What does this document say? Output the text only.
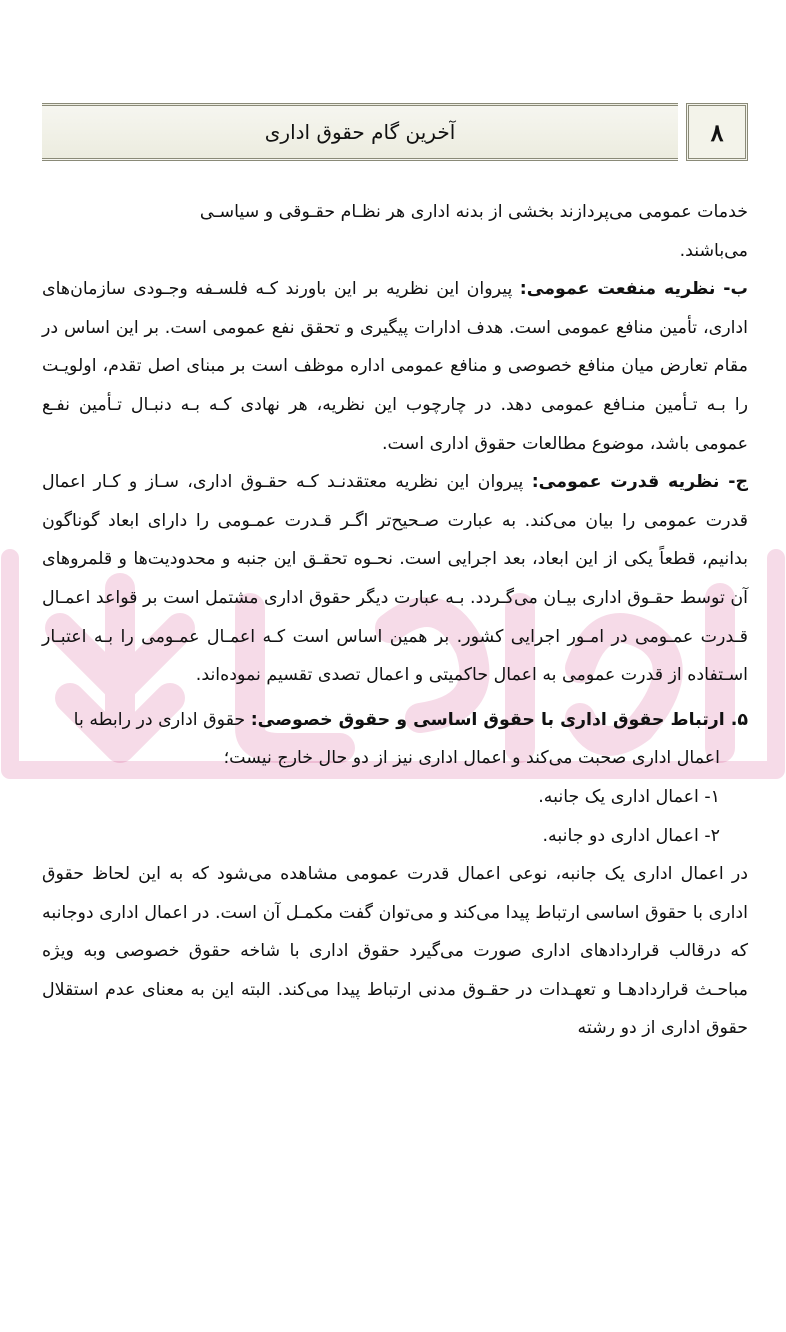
آخرین گام حقوق اداری	۸

خدمات عمومی می‌پردازند بخشی از بدنه اداری هر نظـام حقـوقی و سیاسـی
می‌باشند.

ب- نظریه منفعت عمومی: پیروان این نظریه بر این باورند کـه فلسـفه وجـودی سازمان‌های اداری، تأمین منافع عمومی است. هدف ادارات پیگیری و تحقق نفع عمومی است. بر این اساس در مقام تعارض میان منافع خصوصی و منافع عمومی اداره موظف است بر مبنای اصل تقدم، اولویـت را بـه تـأمین منـافع عمومی دهد. در چارچوب این نظریه، هر نهادی کـه بـه دنبـال تـأمین نفـع عمومی باشد، موضوع مطالعات حقوق اداری است.

ج- نظریه قدرت عمومی: پیروان این نظریه معتقدنـد کـه حقـوق اداری، سـاز و کـار اعمال قدرت عمومی را بیان می‌کند. به عبارت صـحیح‌تر اگـر قـدرت عمـومی را دارای ابعاد گوناگون بدانیم، قطعاً یکی از این ابعاد، بعد اجرایی است. نحـوه تحقـق این جنبه و محدودیت‌ها و قلمروهای آن توسط حقـوق اداری بیـان می‌گـردد. بـه عبارت دیگر حقوق اداری مشتمل است بر قواعد اعمـال قـدرت عمـومی در امـور اجرایی کشور. بر همین اساس است کـه اعمـال عمـومی را بـه اعتبـار اسـتفاده از قدرت عمومی به اعمال حاکمیتی و اعمال تصدی تقسیم نموده‌اند.

۵. ارتباط حقوق اداری با حقوق اساسی و حقوق خصوصی: حقوق اداری در رابطه با

اعمال اداری صحبت می‌کند و اعمال اداری نیز از دو حال خارج نیست؛

۱- اعمال اداری یک جانبه.

۲- اعمال اداری دو جانبه.

در اعمال اداری یک جانبه، نوعی اعمال قدرت عمومی مشاهده می‌شود که به این لحاظ حقوق اداری با حقوق اساسی ارتباط پیدا می‌کند و می‌توان گفت مکمـل آن است. در اعمال اداری دوجانبه که درقالب قراردادهای اداری صورت می‌گیرد حقوق اداری با شاخه حقوق خصوصی وبه ویژه مباحـث قراردادهـا و تعهـدات در حقـوق مدنی ارتباط پیدا می‌کند. البته این به معنای عدم استقلال حقوق اداری از دو رشته
